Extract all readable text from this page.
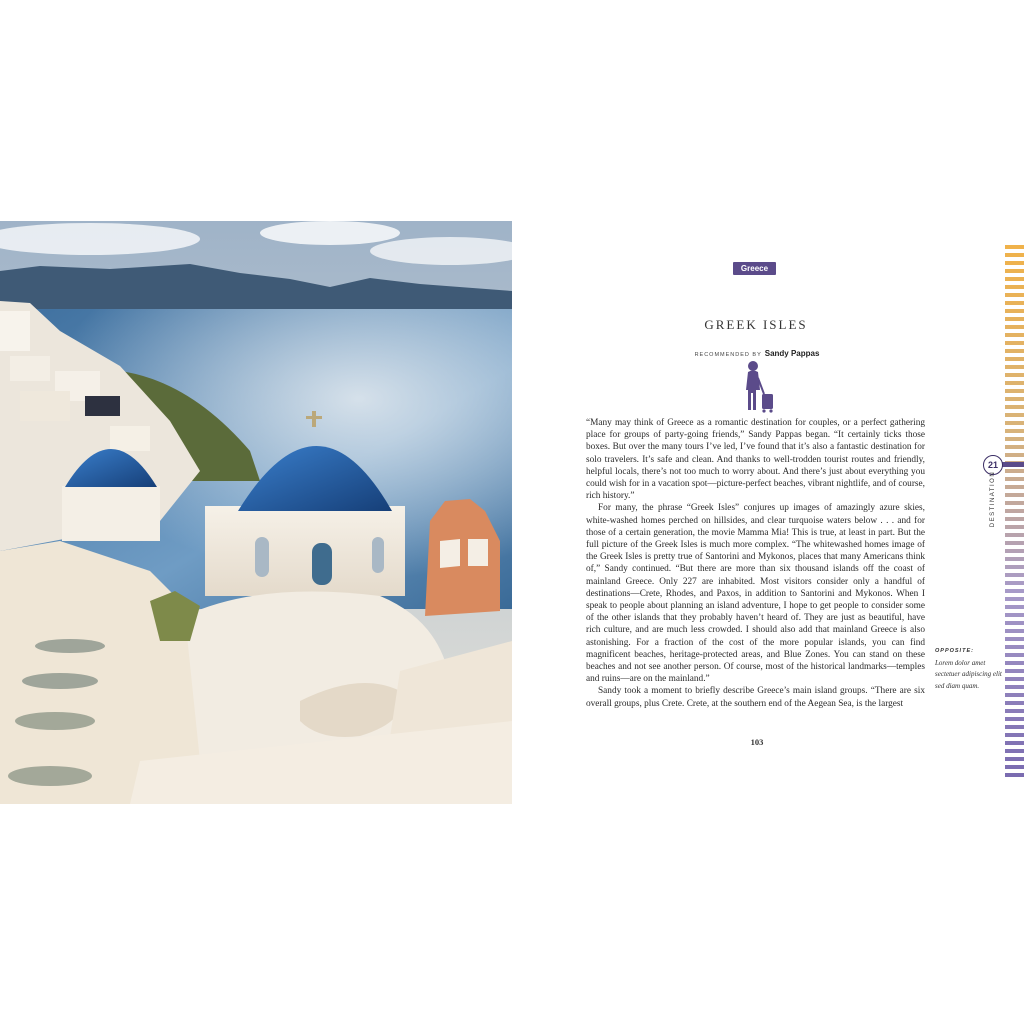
Greece
GREEK ISLES
RECOMMENDED BY Sandy Pappas

“Many may think of Greece as a romantic destination for couples, or a perfect gathering place for groups of party-going friends,” Sandy Pappas began. “It certainly ticks those boxes. But over the many tours I’ve led, I’ve found that it’s also a fantastic destination for solo travelers. It’s safe and clean. And thanks to well-trodden tourist routes and friendly, helpful locals, there’s not too much to worry about. And there’s just about everything you could wish for in a vacation spot—picture-perfect beaches, vibrant nightlife, and of course, rich history.”

For many, the phrase “Greek Isles” conjures up images of amazingly azure skies, white-washed homes perched on hillsides, and clear turquoise waters below . . . and for those of a certain generation, the movie Mamma Mia! This is true, at least in part. But the full picture of the Greek Isles is much more complex. “The whitewashed homes image of the Greek Isles is pretty true of Santorini and Mykonos, places that many Americans think of,” Sandy continued. “But there are more than six thousand islands off the coast of mainland Greece. Only 227 are inhabited. Most visitors consider only a handful of destinations—Crete, Rhodes, and Paxos, in addition to Santorini and Mykonos. When I speak to people about planning an island adventure, I hope to get people to consider some of the other islands that they probably haven’t heard of. They are just as beautiful, have rich culture, and are much less crowded. I should also add that mainland Greece is also astonishing. For a fraction of the cost of the more popular islands, you can find magnificent beaches, heritage-protected areas, and Blue Zones. You can stand on these beaches and not see another person. Of course, most of the historical landmarks—temples and ruins—are on the mainland.”

Sandy took a moment to briefly describe Greece’s main island groups. “There are six overall groups, plus Crete. Crete, at the southern end of the Aegean Sea, is the largest

OPPOSITE:
Lorem dolor amet sectetuer adipiscing elit sed diam quam.
103
21
DESTINATION
